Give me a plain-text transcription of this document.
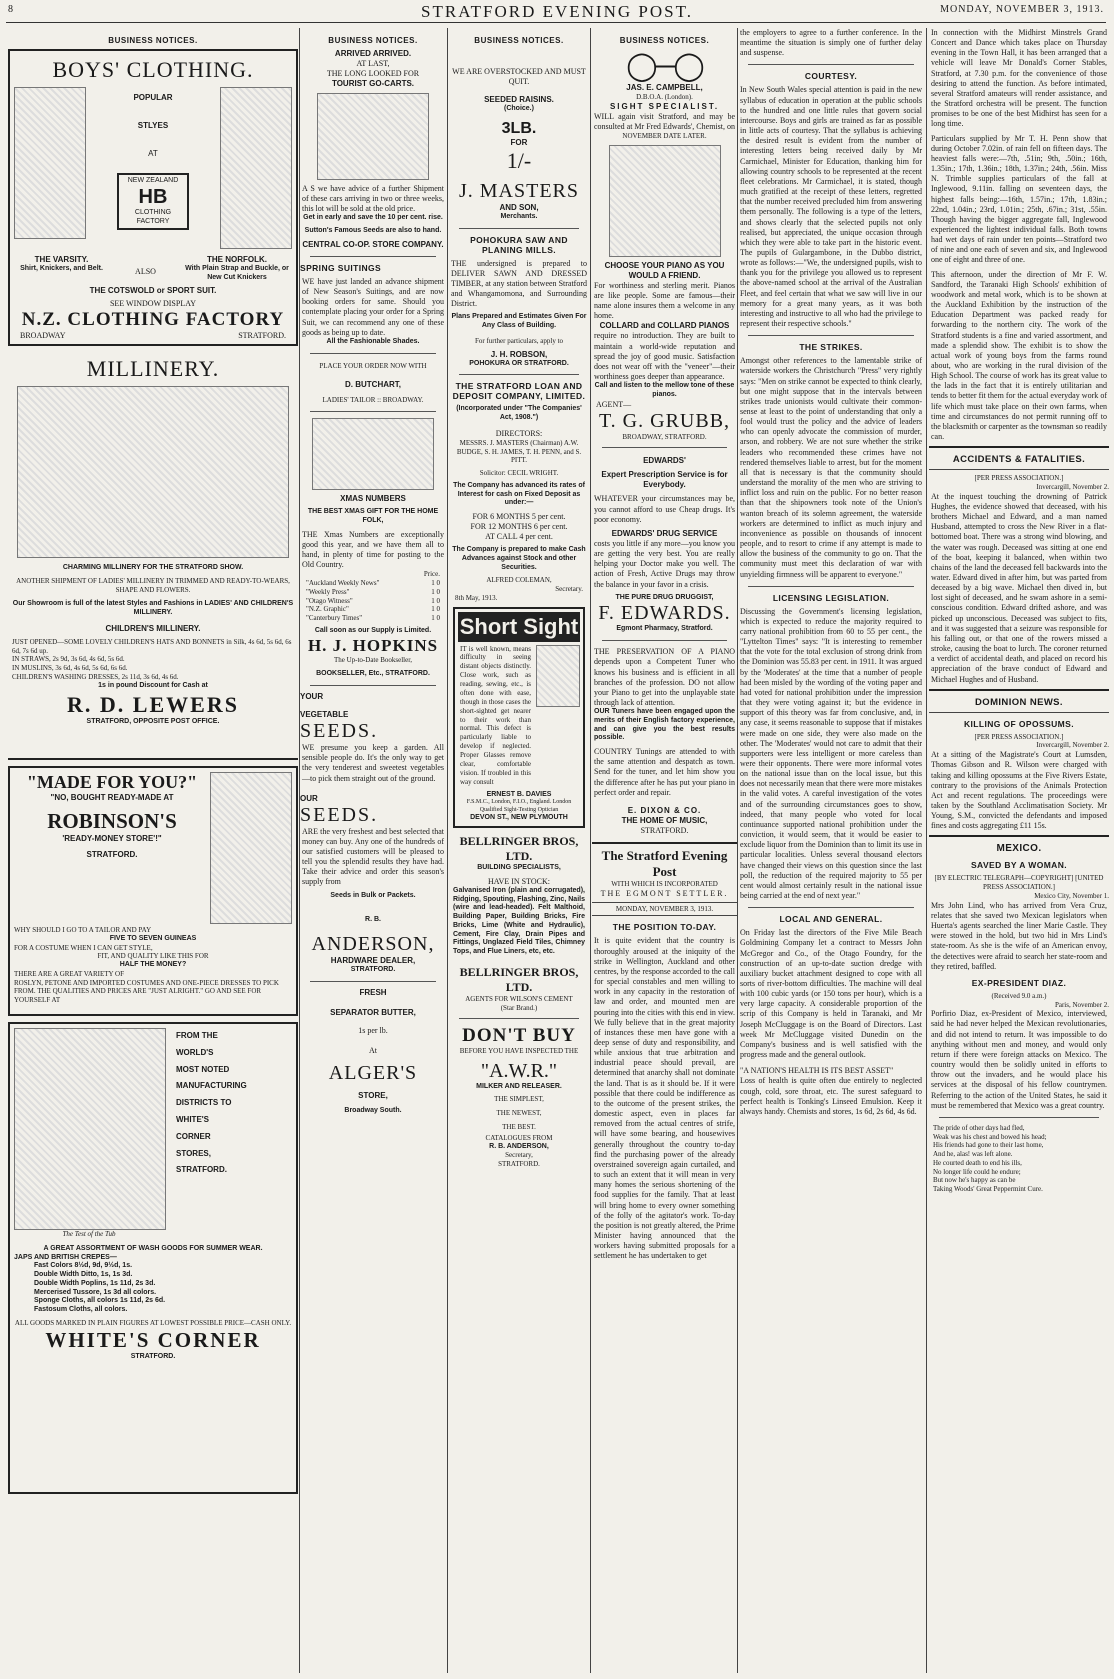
8	STRATFORD EVENING POST.	MONDAY, NOVEMBER 3, 1913.
BUSINESS NOTICES.
BOYS' CLOTHING.
POPULAR
STLYES
AT
NEW ZEALAND
HB
CLOTHING FACTORY
THE VARSITY.
Shirt, Knickers, and Belt.	ALSO
THE NORFOLK.
With Plain Strap and Buckle, or New Cut Knickers
THE COTSWOLD or SPORT SUIT.
SEE WINDOW DISPLAY
N.Z. CLOTHING FACTORY
BROADWAY	STRATFORD.
MILLINERY.
CHARMING MILLINERY FOR THE STRATFORD SHOW.
ANOTHER SHIPMENT OF LADIES' MILLINERY IN TRIMMED AND READY-TO-WEARS, SHAPE AND FLOWERS.
Our Showroom is full of the latest Styles and Fashions in LADIES' AND CHILDREN'S MILLINERY.
CHILDREN'S MILLINERY.
JUST OPENED—SOME LOVELY CHILDREN'S HATS AND BONNETS in Silk, 4s 6d, 5s 6d, 6s 6d, 7s 6d up.
IN STRAWS, 2s 9d, 3s 6d, 4s 6d, 5s 6d.
IN MUSLINS, 3s 6d, 4s 6d, 5s 6d, 6s 6d.
CHILDREN'S WASHING DRESSES, 2s 11d, 3s 6d, 4s 6d.
1s in pound Discount for Cash at
R. D. LEWERS
STRATFORD, OPPOSITE POST OFFICE.
"MADE FOR YOU?"
"NO, BOUGHT READY-MADE AT
ROBINSON'S
'READY-MONEY STORE'!"
STRATFORD.
WHY SHOULD I GO TO A TAILOR AND PAY
FIVE TO SEVEN GUINEAS
FOR A COSTUME WHEN I CAN GET STYLE,
FIT, AND QUALITY LIKE THIS FOR
HALF THE MONEY?
THERE ARE A GREAT VARIETY OF
ROSLYN, PETONE AND IMPORTED COSTUMES AND ONE-PIECE DRESSES TO PICK FROM. THE QUALITIES AND PRICES ARE "JUST ALRIGHT." GO AND SEE FOR YOURSELF AT
The Test of the Tub
FROM THE
WORLD'S
MOST NOTED
MANUFACTURING
DISTRICTS TO
WHITE'S
CORNER
STORES,
STRATFORD.
A GREAT ASSORTMENT OF WASH GOODS FOR SUMMER WEAR.
JAPS AND BRITISH CREPES—
Fast Colors 8½d, 9d, 9½d, 1s.
Double Width Ditto, 1s, 1s 3d.
Double Width Poplins, 1s 11d, 2s 3d.
Mercerised Tussore, 1s 3d all colors.
Sponge Cloths, all colors 1s 11d, 2s 6d.
Fastosum Cloths, all colors.
ALL GOODS MARKED IN PLAIN FIGURES AT LOWEST POSSIBLE PRICE—CASH ONLY.
WHITE'S CORNER
STRATFORD.
BUSINESS NOTICES.
ARRIVED ARRIVED.
AT LAST,
THE LONG LOOKED FOR
TOURIST GO-CARTS.
A S we have advice of a further Shipment of these cars arriving in two or three weeks, this lot will be sold at the old price.
Get in early and save the 10 per cent. rise.
Sutton's Famous Seeds are also to hand.
CENTRAL CO-OP. STORE COMPANY.
SPRING SUITINGS
WE have just landed an advance shipment of New Season's Suitings, and are now booking orders for same. Should you contemplate placing your order for a Spring Suit, we can recommend any one of these goods as being up to date.
All the Fashionable Shades.
PLACE YOUR ORDER NOW WITH
D. BUTCHART,
LADIES' TAILOR :: BROADWAY.
XMAS NUMBERS
THE BEST XMAS GIFT FOR THE HOME FOLK,
THE Xmas Numbers are exceptionally good this year, and we have them all to hand, in plenty of time for posting to the Old Country.
Price.
"Auckland Weekly News"	1 0
"Weekly Press"	1 0
"Otago Witness"	1 0
"N.Z. Graphic"	1 0
"Canterbury Times"	1 0
Call soon as our Supply is Limited.
H. J. HOPKINS
The Up-to-Date Bookseller,
BOOKSELLER, Etc., STRATFORD.
YOUR
VEGETABLE
SEEDS.
WE presume you keep a garden. All sensible people do. It's the only way to get the very tenderest and sweetest vegetables—to pick them straight out of the ground.
OUR
SEEDS.
ARE the very freshest and best selected that money can buy. Any one of the hundreds of our satisfied customers will be pleased to tell you the splendid results they have had. Take their advice and order this season's supply from
Seeds in Bulk or Packets.
R. B.
ANDERSON,
HARDWARE DEALER,
STRATFORD.
FRESH
SEPARATOR BUTTER,
1s per lb.
At
ALGER'S
STORE,
Broadway South.
BUSINESS NOTICES.
WE ARE OVERSTOCKED AND MUST QUIT.
SEEDED RAISINS.
(Choice.)
3LB.
FOR
1/-
J. MASTERS
AND SON,
Merchants.
POHOKURA SAW AND PLANING MILLS.
THE undersigned is prepared to DELIVER SAWN AND DRESSED TIMBER, at any station between Stratford and Whangamomona, and Surrounding District.
Plans Prepared and Estimates Given For Any Class of Building.
For further particulars, apply to
J. H. ROBSON,
POHOKURA OR STRATFORD.
THE STRATFORD LOAN AND DEPOSIT COMPANY, LIMITED.
(Incorporated under "The Companies' Act, 1908.")
DIRECTORS:
MESSRS. J. MASTERS (Chairman) A.W. BUDGE, S. H. JAMES, T. H. PENN, and S. PITT.
Solicitor: CECIL WRIGHT.
The Company has advanced its rates of Interest for cash on Fixed Deposit as under:—
FOR 6 MONTHS 5 per cent.
FOR 12 MONTHS 6 per cent.
AT CALL 4 per cent.
The Company is prepared to make Cash Advances against Stock and other Securities.
ALFRED COLEMAN,
Secretary.
8th May, 1913.
Short Sight
IT is well known, means difficulty in seeing distant objects distinctly. Close work, such as reading, sewing, etc., is often done with ease, though in those cases the short-sighted get nearer to their work than normal. This defect is particularly liable to develop if neglected. Proper Glasses remove clear, comfortable vision. If troubled in this way consult
ERNEST B. DAVIES
F.S.M.C., London, F.I.O., England. London Qualified Sight-Testing Optician
DEVON ST., NEW PLYMOUTH
BELLRINGER BROS, LTD.
BUILDING SPECIALISTS,
HAVE IN STOCK:
Galvanised Iron (plain and corrugated), Ridging, Spouting, Flashing, Zinc, Nails (wire and lead-headed). Felt Malthoid, Building Paper, Building Bricks, Fire Bricks, Lime (White and Hydraulic), Cement, Fire Clay, Drain Pipes and Fittings, Unglazed Field Tiles, Chimney Tops, and Flue Liners, etc, etc.
BELLRINGER BROS, LTD.
AGENTS FOR WILSON'S CEMENT
(Star Brand.)
DON'T BUY
BEFORE YOU HAVE INSPECTED THE
"A.W.R."
MILKER AND RELEASER.
THE SIMPLEST,
THE NEWEST,
THE BEST.
CATALOGUES FROM
R. B. ANDERSON,
Secretary,
STRATFORD.
BUSINESS NOTICES.
◯─◯
JAS. E. CAMPBELL,
D.B.O.A. (London).
SIGHT SPECIALIST.
WILL again visit Stratford, and may be consulted at Mr Fred Edwards', Chemist, on
NOVEMBER DATE LATER.
CHOOSE YOUR PIANO AS YOU WOULD A FRIEND.
For worthiness and sterling merit. Pianos are like people. Some are famous—their name alone insures them a welcome in any home.
COLLARD and COLLARD PIANOS
require no introduction. They are built to maintain a world-wide reputation and spread the joy of good music. Satisfaction does not wear off with the "veneer"—their worthiness goes deeper than appearance.
Call and listen to the mellow tone of these pianos.
AGENT—
T. G. GRUBB,
BROADWAY, STRATFORD.
EDWARDS'
Expert Prescription Service is for Everybody.
WHATEVER your circumstances may be, you cannot afford to use Cheap drugs. It's poor economy.
EDWARDS' DRUG SERVICE
costs you little if any more—you know you are getting the very best. You are really helping your Doctor make you well. The action of Fresh, Active Drugs may throw the balance in your favor in a crisis.
THE PURE DRUG DRUGGIST,
F. EDWARDS.
Egmont Pharmacy, Stratford.
THE PRESERVATION OF A PIANO depends upon a Competent Tuner who knows his business and is efficient in all branches of the profession. DO not allow your Piano to get into the unplayable state through lack of attention.
OUR Tuners have been engaged upon the merits of their English factory experience, and can give you the best results possible.
COUNTRY Tunings are attended to with the same attention and despatch as town. Send for the tuner, and let him show you the difference after he has put your piano in perfect order and repair.
E. DIXON & CO.
THE HOME OF MUSIC,
STRATFORD.
The Stratford Evening Post
WITH WHICH IS INCORPORATED
THE EGMONT SETTLER.
MONDAY, NOVEMBER 3, 1913.
THE POSITION TO-DAY.
It is quite evident that the country is thoroughly aroused at the iniquity of the strike in Wellington, Auckland and other centres, by the response accorded to the call for special constables and men willing to work in any capacity in the restoration of law and order, and mounted men are pouring into the cities with this end in view. We fully believe that in the great majority of instances these men have gone with a deep sense of duty and responsibility, and while anxious that true arbitration and industrial peace should prevail, are determined that anarchy shall not dominate the land. That is as it should be. If it were possible that there could be indifference as to the outcome of the present strikes, the domestic aspect, even in places far removed from the actual centres of strife, will have some bearing, and housewives generally throughout the country to-day find the purchasing power of the already overstrained sovereign again curtailed, and to such an extent that it will mean in very many homes the serious shortening of the food supplies for the family. That at least will bring home to every owner something of the folly of the agitator's work. To-day the position is not greatly altered, the Prime Minister having announced that the workers having submitted proposals for a settlement he has undertaken to get
the employers to agree to a further conference. In the meantime the situation is simply one of further delay and suspense.
COURTESY.
In New South Wales special attention is paid in the new syllabus of education in operation at the public schools to the hundred and one little rules that govern social intercourse. Boys and girls are trained as far as possible in little acts of courtesy. That the syllabus is achieving the desired result is evident from the number of interesting letters being received daily by Mr Carmichael, Minister for Education, thanking him for allowing country schools to be represented at the recent fleet celebrations. Mr Carmichael, it is stated, though much gratified at the receipt of these letters, regretted that the number received precluded him from answering them personally. The following is a type of the letters, and shows clearly that the selected pupils not only realised, but appreciated, the unique occasion through which they were able to take part in the historic event. The pupils of Gulargambone, in the Dubbo district, wrote as follows:—"We, the undersigned pupils, wish to thank you for the privilege you allowed us to represent the above-named school at the arrival of the Australian Fleet, and feel certain that what we saw will live in our memory for a great many years, as it was both interesting and instructive to all who had the privilege to represent their respective schools."
THE STRIKES.
Amongst other references to the lamentable strike of waterside workers the Christchurch "Press" very rightly says: "Men on strike cannot be expected to think clearly, but one might suppose that in the intervals between strikes trade unionists would cultivate their common-sense at least to the point of understanding that only a fool would trust the policy and the advice of leaders who can openly advocate the commission of murder, arson, and robbery. We are not sure whether the strike leaders who recommended these crimes have not rendered themselves liable to arrest, but for the moment all that is necessary is that the community should understand the morality of the men who are striving to inflict loss and ruin on the public. For no better reason than that the shipowners took note of the Union's wanton breach of its solemn agreement, the waterside workers are determined to inflict as much injury and inconvenience as possible on thousands of innocent people, and to resort to crime if any attempt is made to allow the business of the community to go on. That the community must meet this declaration of war with unyielding firmness will be apparent to everyone."
LICENSING LEGISLATION.
Discussing the Government's licensing legislation, which is expected to reduce the majority required to carry national prohibition from 60 to 55 per cent., the "Lyttelton Times" says: "It is interesting to remember that the vote for the total exclusion of strong drink from the Dominion was 55.83 per cent. in 1911. It was argued by the 'Moderates' at the time that a number of people had been misled by the wording of the voting paper and had voted for national prohibition under the impression that they were voting against it; but the evidence in support of this theory was far from conclusive, and, in any case, it seems reasonable to suppose that if mistakes were made on one side, they were also made on the other. The 'Moderates' would not care to admit that their supporters were less intelligent or more careless than were their opponents. There were more informal votes on the national issue than on the local issue, but this does not necessarily mean that there were more mistakes in the valid votes. A careful investigation of the votes and of the surrounding circumstances goes to show, indeed, that many people who voted for local continuance supported national prohibition under the conviction, it would seem, that it would be easier to exclude liquor from the Dominion than to limit its use in particular localities. Unless several thousand electors have changed their views on this question since the last poll, the reduction of the required majority to 55 per cent would almost certainly result in the national issue being carried at the end of next year."
LOCAL AND GENERAL.
On Friday last the directors of the Five Mile Beach Goldmining Company let a contract to Messrs John McGregor and Co., of the Otago Foundry, for the construction of an up-to-date suction dredge with auxiliary bucket attachment designed to cope with all sorts of river-bottom difficulties. The machine will deal with 100 cubic yards (or 150 tons per hour), which is a very large capacity. A considerable proportion of the scrip of this Company is held in Taranaki, and Mr Joseph McCluggage is on the Board of Directors. Last week Mr McCluggage visited Dunedin on the Company's business and is well satisfied with the progress made and the general outlook.
"A NATION'S HEALTH IS ITS BEST ASSET"
Loss of health is quite often due entirely to neglected cough, cold, sore throat, etc. The surest safeguard to perfect health is Tonking's Linseed Emulsion. Keep it always handy. Chemists and stores, 1s 6d, 2s 6d, 4s 6d.
In connection with the Midhirst Minstrels Grand Concert and Dance which takes place on Thursday evening in the Town Hall, it has been arranged that a vehicle will leave Mr Donald's Corner Stables, Stratford, at 7.30 p.m. for the convenience of those desiring to attend the function. As before intimated, several Stratford amateurs will render assistance, and the Stratford orchestra will be present. The function promises to be one of the best Midhirst has seen for a long time.
Particulars supplied by Mr T. H. Penn show that during October 7.02in. of rain fell on fifteen days. The heaviest falls were:—7th, .51in; 9th, .50in.; 16th, 1.35in.; 17th, 1.36in.; 18th, 1.37in.; 24th, .56in. Miss N. Trimble supplies particulars of the fall at Inglewood, 9.11in. falling on seventeen days, the highest falls being:—16th, 1.57in.; 17th, 1.83in.; 22nd, 1.04in.; 23rd, 1.01in.; 25th, .67in.; 31st, .55in. Though having the bigger aggregate fall, Inglewood experienced the lightest individual falls. Both towns had wet days of rain under ten points—Stratford two of nine and one each of seven and six, and Inglewood one of eight and three of one.
This afternoon, under the direction of Mr F. W. Sandford, the Taranaki High Schools' exhibition of woodwork and metal work, which is to be shown at the Auckland Exhibition by the instruction of the Education Department was packed ready for forwarding to the northern city. The work of the Stratford students is a fine and varied assortment, and made a splendid show. The exhibit is to show the actual work of young boys from the farms round about, who are working in the rural division of the High School. The course of work has its great value to the lads in the fact that it is entirely utilitarian and tends to better fit them for the actual everyday work of life which must take place on their own farms, when time and circumstances do not permit running off to the blacksmith or carpenter as the townsman so readily can.
ACCIDENTS & FATALITIES.
[PER PRESS ASSOCIATION.]
Invercargill, November 2.
At the inquest touching the drowning of Patrick Hughes, the evidence showed that deceased, with his brothers Michael and Edward, and a man named Husband, attempted to cross the New River in a flat-bottomed boat. There was a strong wind blowing, and the water was rough. Deceased was sitting at one end of the boat, keeping it balanced, when within two chains of the land the deceased fell backwards into the water. Edward dived in after him, but was parted from deceased by a big wave. Michael then dived in, but lost sight of deceased, and he swam ashore in a semi-conscious condition. Edward drifted ashore, and was picked up unconscious. Deceased was subject to fits, and it was suggested that a seizure was responsible for his falling out, or that one of the rowers missed a stroke, causing the boat to lurch. The coroner returned a verdict of accidental death, and placed on record his appreciation of the brave conduct of Edward and Michael Hughes and of Husband.
DOMINION NEWS.
KILLING OF OPOSSUMS.
[PER PRESS ASSOCIATION.]
Invercargill, November 2.
At a sitting of the Magistrate's Court at Lumsden, Thomas Gibson and R. Wilson were charged with taking and killing opossums at the Five Rivers Estate, contrary to the provisions of the Animals Protection Act and recent regulations. The proceedings were taken by the Southland Acclimatisation Society. Mr Young, S.M., convicted the defendants and imposed fines and costs aggregating £11 15s.
MEXICO.
SAVED BY A WOMAN.
[BY ELECTRIC TELEGRAPH—COPYRIGHT] [UNITED PRESS ASSOCIATION.]
Mexico City, November 1.
Mrs John Lind, who has arrived from Vera Cruz, relates that she saved two Mexican legislators when Huerta's agents searched the liner Marie Castle. They were stowed in the hold, but two hid in Mrs Lind's state-room. As she is the wife of an American envoy, the detectives were afraid to search her state-room and they retired, baffled.
EX-PRESIDENT DIAZ.
(Received 9.0 a.m.)
Paris, November 2.
Porfirio Diaz, ex-President of Mexico, interviewed, said he had never helped the Mexican revolutionaries, and did not intend to return. It was impossible to do anything without men and money, and would only return if there were foreign attacks on Mexico. The country would then be solidly united in efforts to throw out the invaders, and he would place his services at the disposal of his fellow countrymen. Referring to the action of the United States, he said it must be remembered that Mexico was a great country.
The pride of other days had fled,
Weak was his chest and bowed his head;
His friends had gone to their last home,
And he, alas! was left alone.
He courted death to end his ills,
No longer life could he endure;
But now he's happy as can be
Taking Woods' Great Peppermint Cure.
